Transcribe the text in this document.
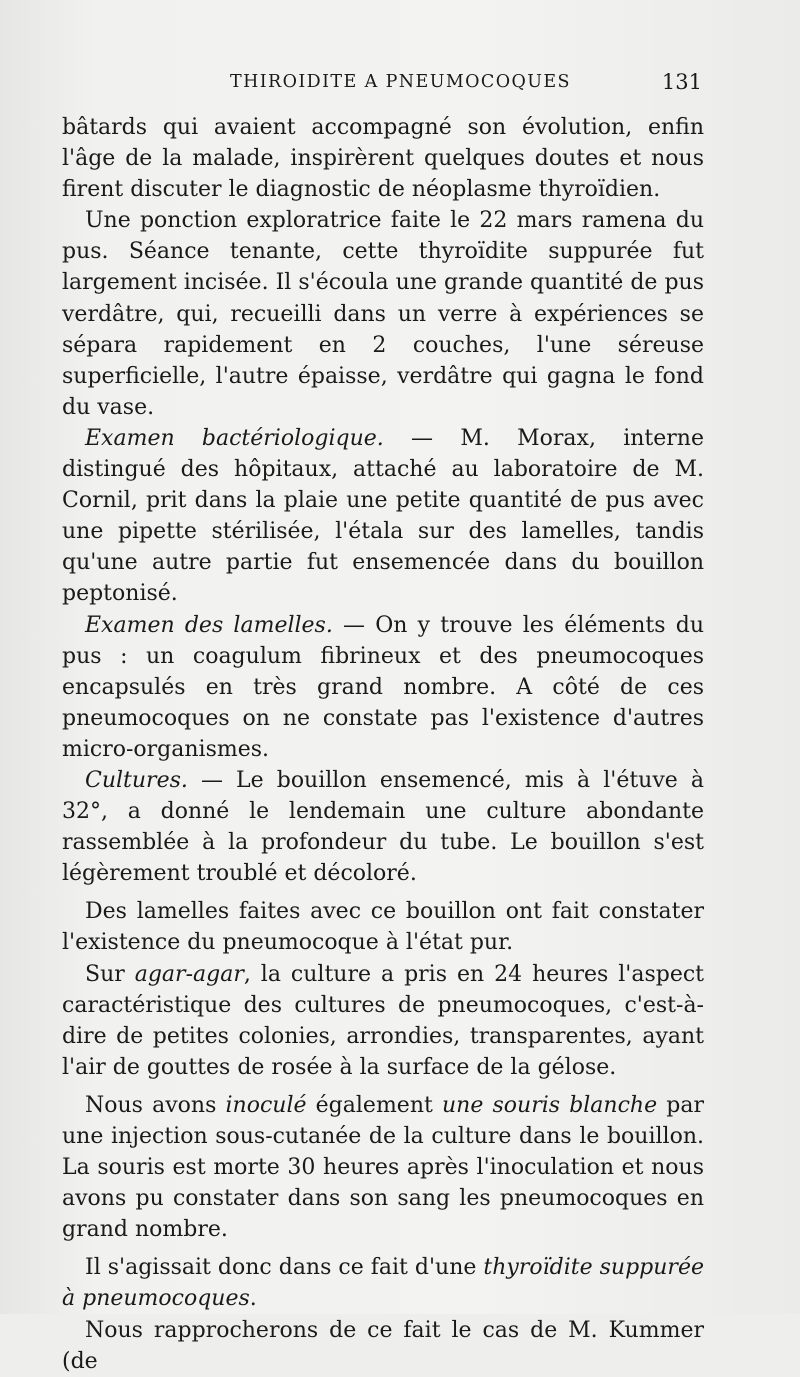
THIROIDITE A PNEUMOCOQUES	131

bâtards qui avaient accompagné son évolution, enfin l'âge de la malade, inspirèrent quelques doutes et nous firent discuter le diagnostic de néoplasme thyroïdien.

Une ponction exploratrice faite le 22 mars ramena du pus. Séance tenante, cette thyroïdite suppurée fut largement incisée. Il s'écoula une grande quantité de pus verdâtre, qui, recueilli dans un verre à expériences se sépara rapidement en 2 couches, l'une séreuse superficielle, l'autre épaisse, verdâtre qui gagna le fond du vase.

Examen bactériologique. — M. Morax, interne distingué des hôpitaux, attaché au laboratoire de M. Cornil, prit dans la plaie une petite quantité de pus avec une pipette stérilisée, l'étala sur des lamelles, tandis qu'une autre partie fut ensemencée dans du bouillon peptonisé.

Examen des lamelles. — On y trouve les éléments du pus : un coagulum fibrineux et des pneumocoques encapsulés en très grand nombre. A côté de ces pneumocoques on ne constate pas l'existence d'autres micro-organismes.

Cultures. — Le bouillon ensemencé, mis à l'étuve à 32°, a donné le lendemain une culture abondante rassemblée à la profondeur du tube. Le bouillon s'est légèrement troublé et décoloré.

Des lamelles faites avec ce bouillon ont fait constater l'existence du pneumocoque à l'état pur.

Sur agar-agar, la culture a pris en 24 heures l'aspect caractéristique des cultures de pneumocoques, c'est-à-dire de petites colonies, arrondies, transparentes, ayant l'air de gouttes de rosée à la surface de la gélose.

Nous avons inoculé également une souris blanche par une injection sous-cutanée de la culture dans le bouillon. La souris est morte 30 heures après l'inoculation et nous avons pu constater dans son sang les pneumocoques en grand nombre.

Il s'agissait donc dans ce fait d'une thyroïdite suppurée à pneumocoques.

Nous rapprocherons de ce fait le cas de M. Kummer (de
